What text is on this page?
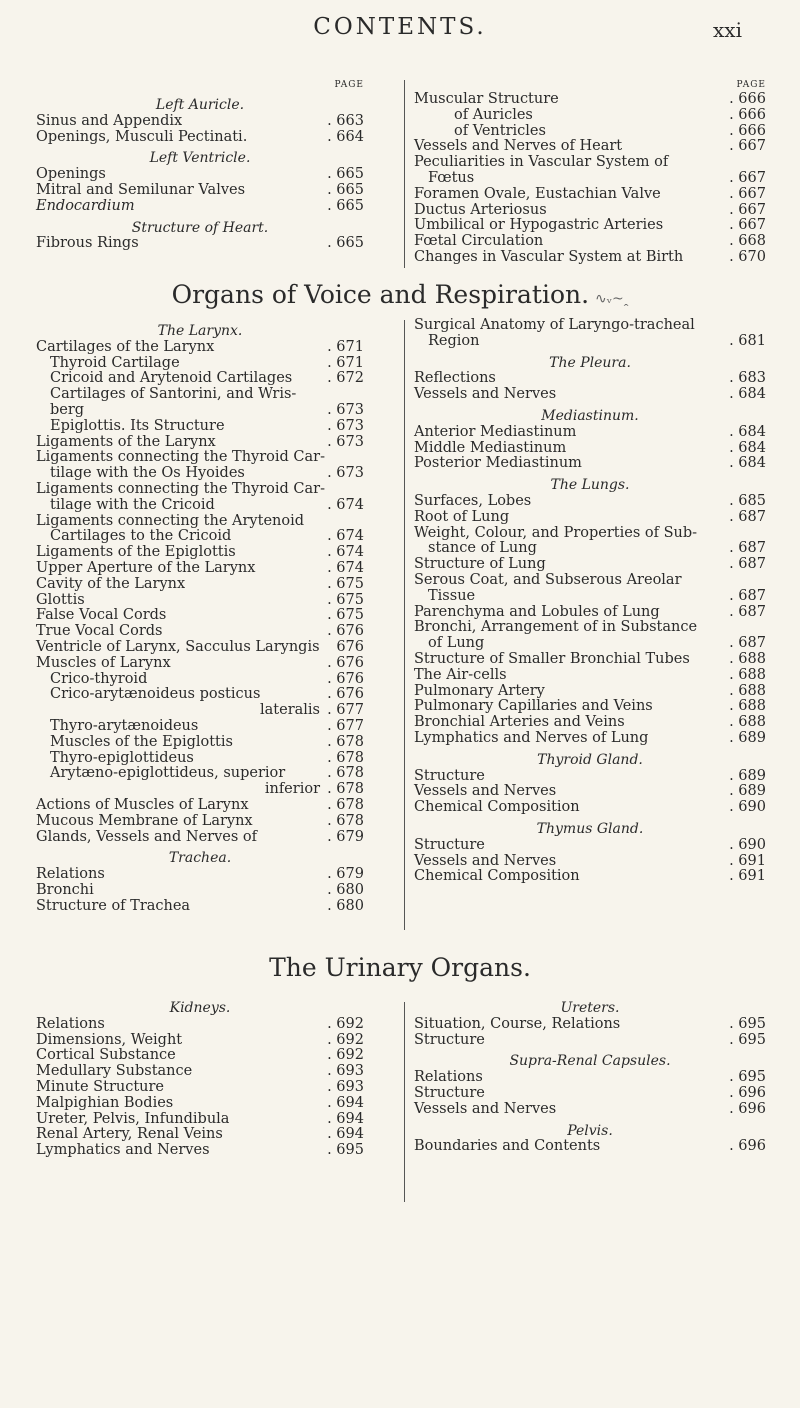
CONTENTS.	xxi
PAGE
Left Auricle.
Sinus and Appendix	. 663
Openings, Musculi Pectinati.	. 664
Left Ventricle.
Openings	. 665
Mitral and Semilunar Valves	. 665
Endocardium	. 665
Structure of Heart.
Fibrous Rings	. 665
PAGE
Muscular Structure	. 666
of Auricles	. 666
of Ventricles	. 666
Vessels and Nerves of Heart	. 667
Peculiarities in Vascular System of
Fœtus	. 667
Foramen Ovale, Eustachian Valve	. 667
Ductus Arteriosus	. 667
Umbilical or Hypogastric Arteries	. 667
Fœtal Circulation	. 668
Changes in Vascular System at Birth	. 670
Organs of Voice and Respiration. ∿ᵥ~ꞈ
The Larynx.
Cartilages of the Larynx	. 671
Thyroid Cartilage	. 671
Cricoid and Arytenoid Cartilages . 672
Cartilages of Santorini, and Wris-
berg	. 673
Epiglottis. Its Structure	. 673
Ligaments of the Larynx	. 673
Ligaments connecting the Thyroid Car-
tilage with the Os Hyoides	. 673
Ligaments connecting the Thyroid Car-
tilage with the Cricoid	. 674
Ligaments connecting the Arytenoid
Cartilages to the Cricoid	. 674
Ligaments of the Epiglottis	. 674
Upper Aperture of the Larynx	. 674
Cavity of the Larynx	. 675
Glottis	. 675
False Vocal Cords	. 675
True Vocal Cords	. 676
Ventricle of Larynx, Sacculus Laryngis 676
Muscles of Larynx	. 676
Crico-thyroid	. 676
Crico-arytænoideus posticus	. 676
lateralis . 677
Thyro-arytænoideus	. 677
Muscles of the Epiglottis	. 678
Thyro-epiglottideus	. 678
Arytæno-epiglottideus, superior	. 678
inferior . 678
Actions of Muscles of Larynx	. 678
Mucous Membrane of Larynx	. 678
Glands, Vessels and Nerves of	. 679
Trachea.
Relations	. 679
Bronchi	. 680
Structure of Trachea	. 680
Surgical Anatomy of Laryngo-tracheal
Region	. 681
The Pleura.
Reflections	. 683
Vessels and Nerves	. 684
Mediastinum.
Anterior Mediastinum	. 684
Middle Mediastinum	. 684
Posterior Mediastinum	. 684
The Lungs.
Surfaces, Lobes	. 685
Root of Lung	. 687
Weight, Colour, and Properties of Sub-
stance of Lung	. 687
Structure of Lung	. 687
Serous Coat, and Subserous Areolar
Tissue	. 687
Parenchyma and Lobules of Lung	. 687
Bronchi, Arrangement of in Substance
of Lung	. 687
Structure of Smaller Bronchial Tubes	. 688
The Air-cells	. 688
Pulmonary Artery	. 688
Pulmonary Capillaries and Veins	. 688
Bronchial Arteries and Veins	. 688
Lymphatics and Nerves of Lung	. 689
Thyroid Gland.
Structure	. 689
Vessels and Nerves	. 689
Chemical Composition	. 690
Thymus Gland.
Structure	. 690
Vessels and Nerves	. 691
Chemical Composition	. 691
The Urinary Organs.
Kidneys.
Relations	. 692
Dimensions, Weight	. 692
Cortical Substance	. 692
Medullary Substance	. 693
Minute Structure	. 693
Malpighian Bodies	. 694
Ureter, Pelvis, Infundibula	. 694
Renal Artery, Renal Veins	. 694
Lymphatics and Nerves	. 695
Ureters.
Situation, Course, Relations	. 695
Structure	. 695
Supra-Renal Capsules.
Relations	. 695
Structure	. 696
Vessels and Nerves	. 696
Pelvis.
Boundaries and Contents	. 696
